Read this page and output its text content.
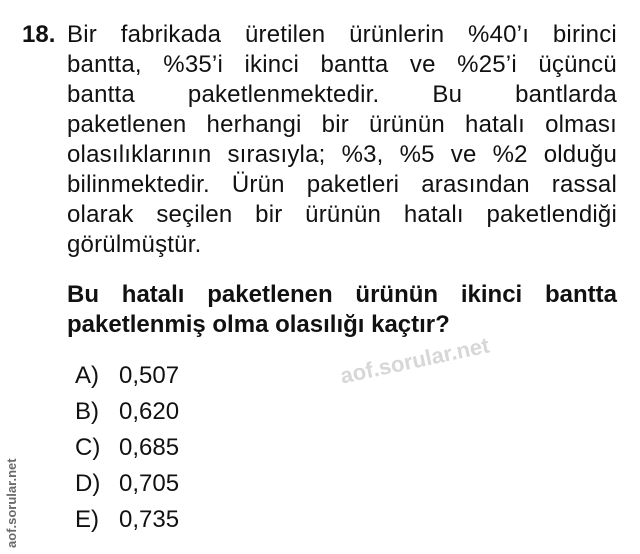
18. Bir fabrikada üretilen ürünlerin %40’ı birinci
bantta, %35’i ikinci bantta ve %25’i üçüncü
bantta paketlenmektedir. Bu bantlarda
paketlenen herhangi bir ürünün hatalı olması
olasılıklarının sırasıyla; %3, %5 ve %2 olduğu
bilinmektedir. Ürün paketleri arasından rassal
olarak seçilen bir ürünün hatalı paketlendiği
görülmüştür.
Bu hatalı paketlenen ürünün ikinci bantta
paketlenmiş olma olasılığı kaçtır?
A) 0,507
B) 0,620
C) 0,685
D) 0,705
E) 0,735
aof.sorular.net
aof.sorular.net
